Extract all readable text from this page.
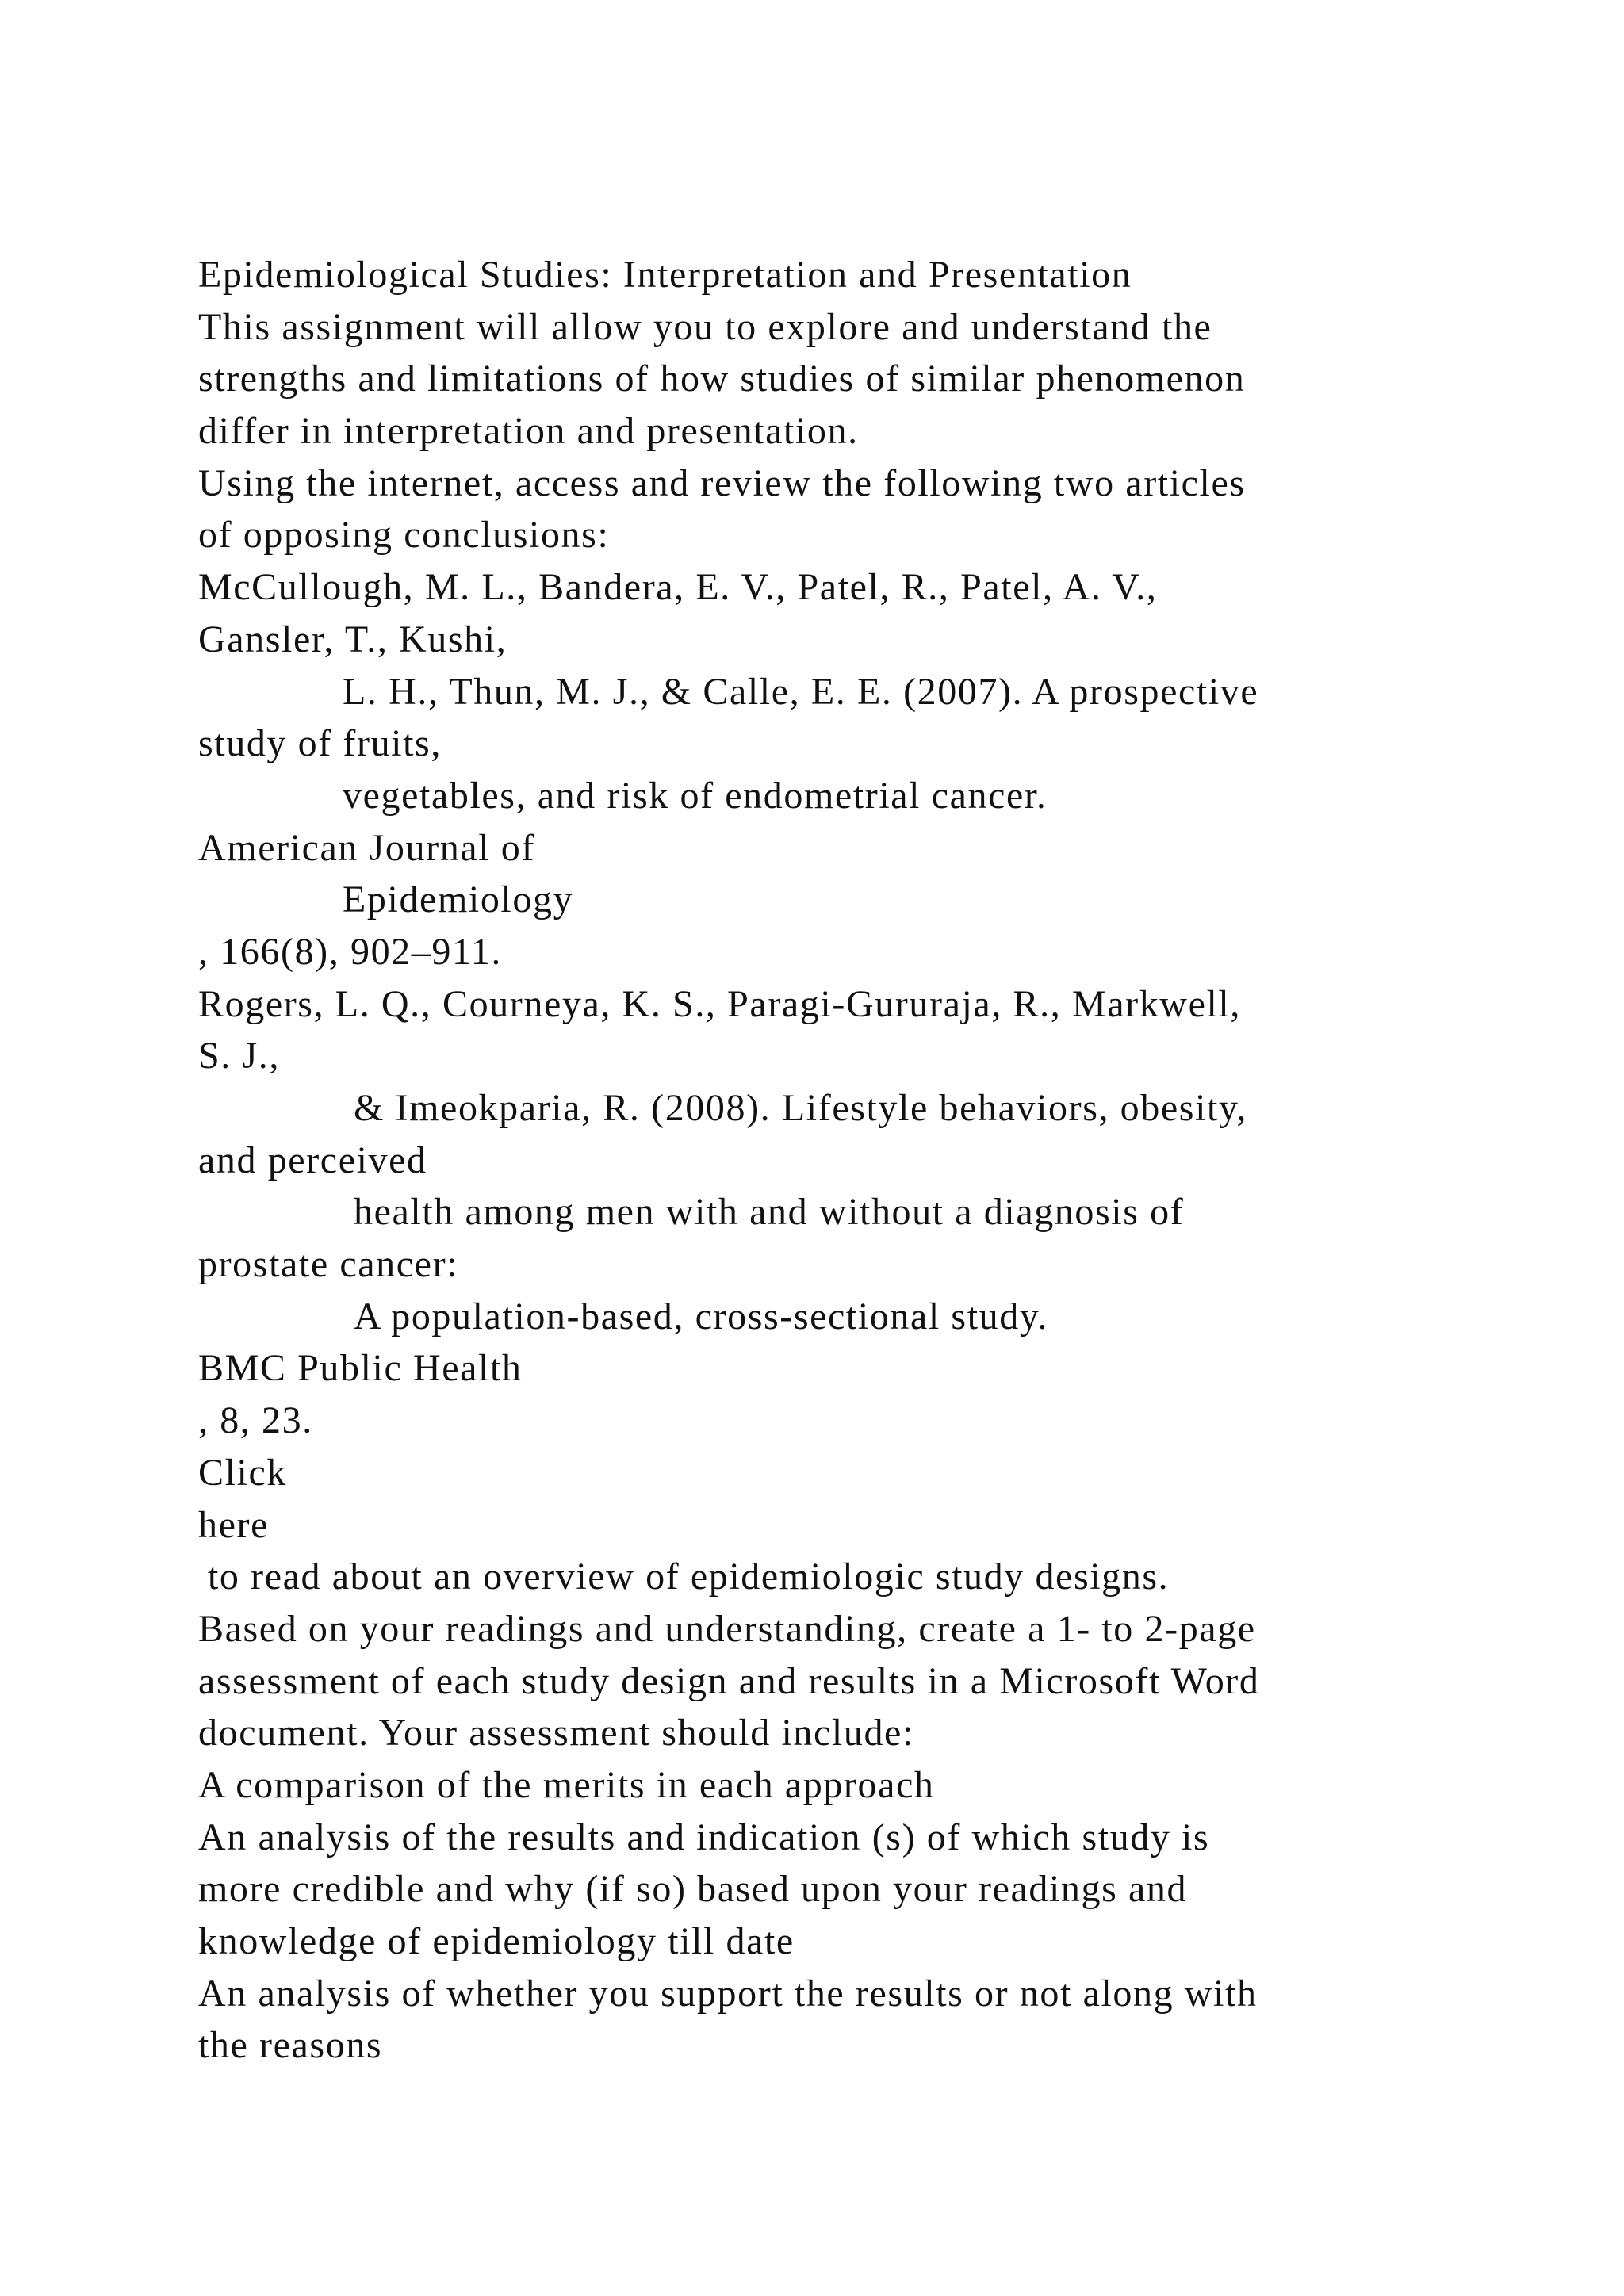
Epidemiological Studies: Interpretation and Presentation
This assignment will allow you to explore and understand the
strengths and limitations of how studies of similar phenomenon
differ in interpretation and presentation.
Using the internet, access and review the following two articles
of opposing conclusions:
McCullough, M. L., Bandera, E. V., Patel, R., Patel, A. V.,
Gansler, T., Kushi,
L. H., Thun, M. J., & Calle, E. E. (2007). A prospective
study of fruits,
vegetables, and risk of endometrial cancer.
American Journal of
Epidemiology
, 166(8), 902–911.
Rogers, L. Q., Courneya, K. S., Paragi-Gururaja, R., Markwell,
S. J.,
& Imeokparia, R. (2008). Lifestyle behaviors, obesity,
and perceived
health among men with and without a diagnosis of
prostate cancer:
A population-based, cross-sectional study.
BMC Public Health
, 8, 23.
Click
here
to read about an overview of epidemiologic study designs.
Based on your readings and understanding, create a 1- to 2-page
assessment of each study design and results in a Microsoft Word
document. Your assessment should include:
A comparison of the merits in each approach
An analysis of the results and indication (s) of which study is
more credible and why (if so) based upon your readings and
knowledge of epidemiology till date
An analysis of whether you support the results or not along with
the reasons
